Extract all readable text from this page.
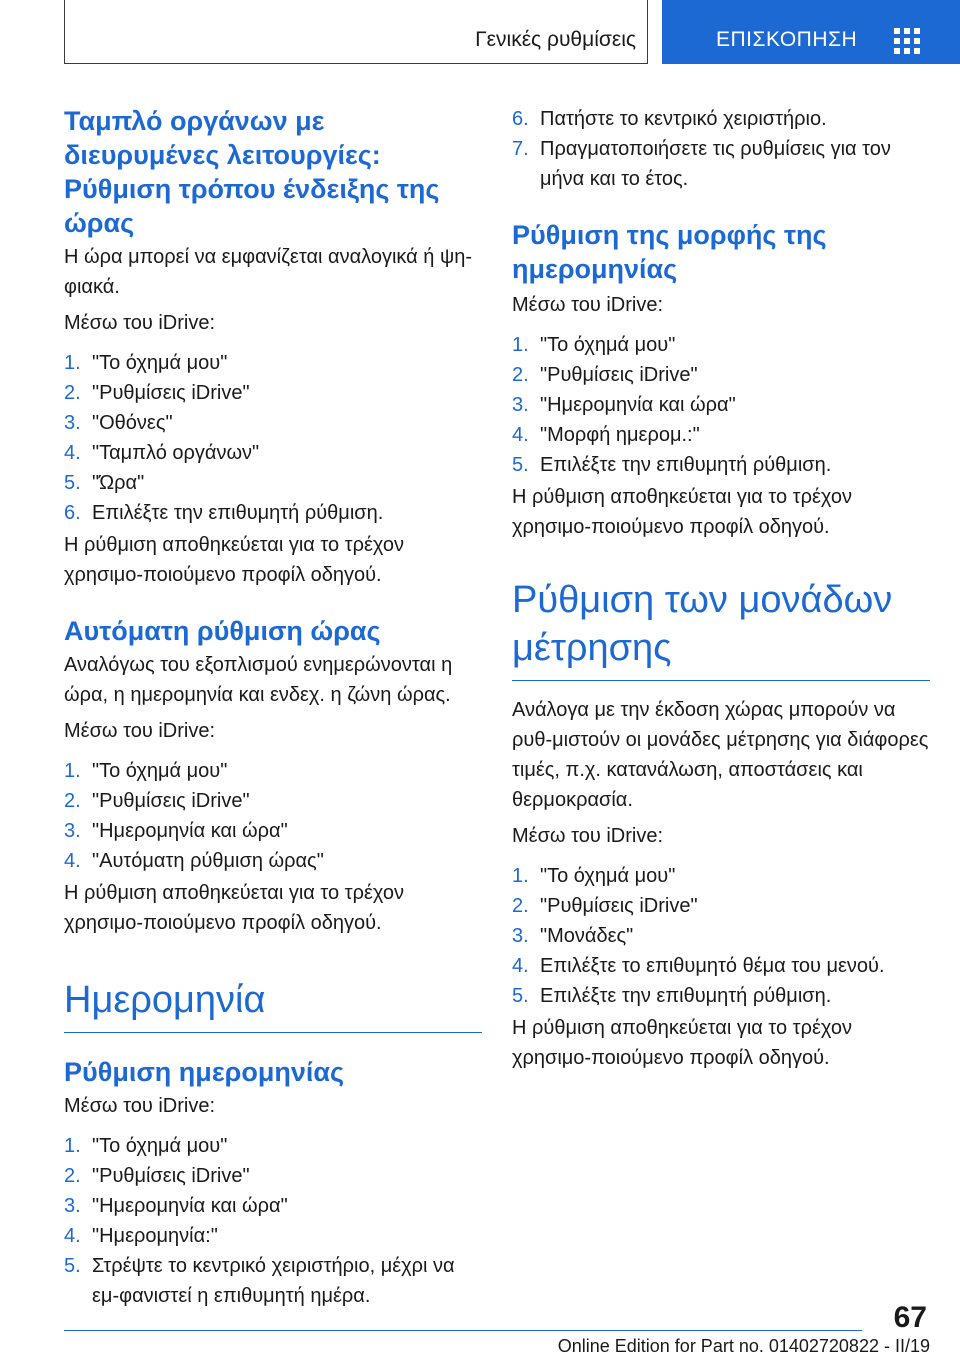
Γενικές ρυθμίσεις	ΕΠΙΣΚΟΠΗΣΗ
Ταμπλό οργάνων με διευρυμένες λειτουργίες: Ρύθμιση τρόπου ένδειξης της ώρας

Η ώρα μπορεί να εμφανίζεται αναλογικά ή ψη‐φιακά.

Μέσω του iDrive:

1. "Το όχημά μου"
2. "Ρυθμίσεις iDrive"
3. "Οθόνες"
4. "Ταμπλό οργάνων"
5. "Ώρα"
6. Επιλέξτε την επιθυμητή ρύθμιση.

Η ρύθμιση αποθηκεύεται για το τρέχον χρησιμο‐ποιούμενο προφίλ οδηγού.

Αυτόματη ρύθμιση ώρας

Αναλόγως του εξοπλισμού ενημερώνονται η ώρα, η ημερομηνία και ενδεχ. η ζώνη ώρας.

Μέσω του iDrive:

1. "Το όχημά μου"
2. "Ρυθμίσεις iDrive"
3. "Ημερομηνία και ώρα"
4. "Αυτόματη ρύθμιση ώρας"

Η ρύθμιση αποθηκεύεται για το τρέχον χρησιμο‐ποιούμενο προφίλ οδηγού.

Ημερομηνία
Ρύθμιση ημερομηνίας

Μέσω του iDrive:

1. "Το όχημά μου"
2. "Ρυθμίσεις iDrive"
3. "Ημερομηνία και ώρα"
4. "Ημερομηνία:"
5. Στρέψτε το κεντρικό χειριστήριο, μέχρι να εμ‐φανιστεί η επιθυμητή ημέρα.
6. Πατήστε το κεντρικό χειριστήριο.
7. Πραγματοποιήσετε τις ρυθμίσεις για τον μήνα και το έτος.
Ρύθμιση της μορφής της ημερομηνίας

Μέσω του iDrive:

1. "Το όχημά μου"
2. "Ρυθμίσεις iDrive"
3. "Ημερομηνία και ώρα"
4. "Μορφή ημερομ.:"
5. Επιλέξτε την επιθυμητή ρύθμιση.

Η ρύθμιση αποθηκεύεται για το τρέχον χρησιμο‐ποιούμενο προφίλ οδηγού.

Ρύθμιση των μονάδων μέτρησης

Ανάλογα με την έκδοση χώρας μπορούν να ρυθ‐μιστούν οι μονάδες μέτρησης για διάφορες τιμές, π.χ. κατανάλωση, αποστάσεις και θερμοκρασία.

Μέσω του iDrive:

1. "Το όχημά μου"
2. "Ρυθμίσεις iDrive"
3. "Μονάδες"
4. Επιλέξτε το επιθυμητό θέμα του μενού.
5. Επιλέξτε την επιθυμητή ρύθμιση.

Η ρύθμιση αποθηκεύεται για το τρέχον χρησιμο‐ποιούμενο προφίλ οδηγού.

67
Online Edition for Part no. 01402720822 - II/19
